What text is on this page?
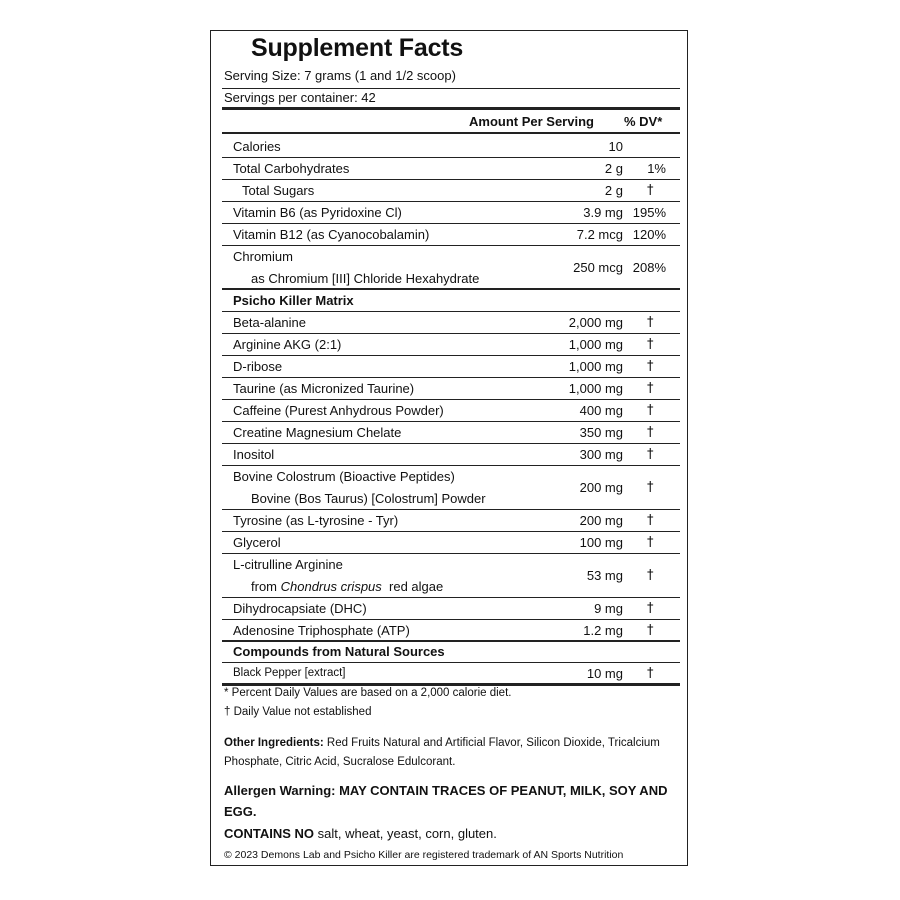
Supplement Facts
Serving Size: 7 grams (1 and 1/2 scoop)
Servings per container: 42
Amount Per Serving % DV*
Calories	10
Total Carbohydrates	2 g 1%
Total Sugars	2 g †
Vitamin B6 (as Pyridoxine Cl)	3.9 mg 195%
Vitamin B12 (as Cyanocobalamin)	7.2 mcg 120%
Chromium
as Chromium [III] Chloride Hexahydrate
250 mcg 208%
Psicho Killer Matrix
Beta-alanine	2,000 mg †
Arginine AKG (2:1)	1,000 mg †
D-ribose	1,000 mg †
Taurine (as Micronized Taurine)	1,000 mg †
Caffeine (Purest Anhydrous Powder)	400 mg †
Creatine Magnesium Chelate	350 mg †
Inositol	300 mg †
Bovine Colostrum (Bioactive Peptides)
Bovine (Bos Taurus) [Colostrum] Powder
200 mg †
Tyrosine (as L-tyrosine - Tyr)	200 mg †
Glycerol	100 mg †
L-citrulline Arginine
from Chondrus crispus  red algae
53 mg †
Dihydrocapsiate (DHC)	9 mg †
Adenosine Triphosphate (ATP)	1.2 mg †
Compounds from Natural Sources
Black Pepper [extract]	10 mg †
* Percent Daily Values are based on a 2,000 calorie diet.
† Daily Value not established
Other Ingredients: Red Fruits Natural and Artificial Flavor, Silicon Dioxide, Tricalcium Phosphate, Citric Acid, Sucralose Edulcorant.
Allergen Warning: MAY CONTAIN TRACES OF PEANUT, MILK, SOY AND EGG.
CONTAINS NO salt, wheat, yeast, corn, gluten.
© 2023 Demons Lab and Psicho Killer are registered trademark of AN Sports Nutrition
